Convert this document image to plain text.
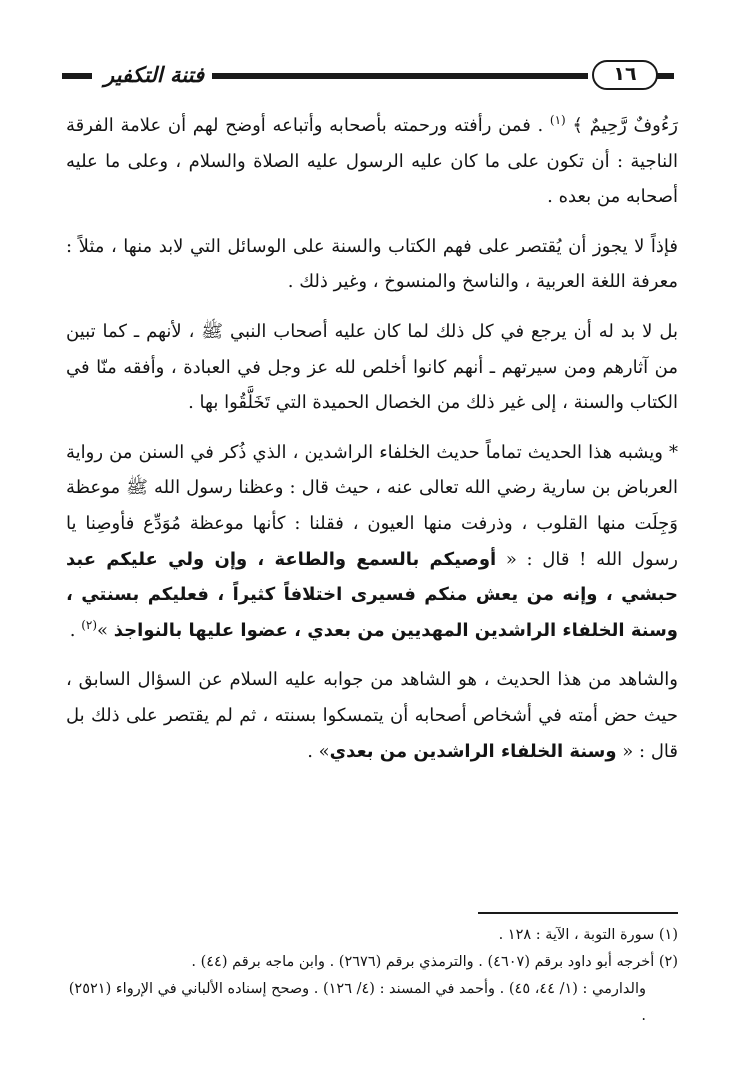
فتنة التكفير	١٦

رَءُوفٌ رَّحِيمٌ ﴾ $^{(١)}$ . فمن رأفته ورحمته بأصحابه وأتباعه أوضح لهم أن علامة الفرقة الناجية : أن تكون على ما كان عليه الرسول عليه الصلاة والسلام ، وعلى ما عليه أصحابه من بعده .

فإذاً لا يجوز أن يُقتصر على فهم الكتاب والسنة على الوسائل التي لابد منها ، مثلاً : معرفة اللغة العربية ، والناسخ والمنسوخ ، وغير ذلك .

بل لا بد له أن يرجع في كل ذلك لما كان عليه أصحاب النبي ﷺ ، لأنهم ـ كما تبين من آثارهم ومن سيرتهم ـ أنهم كانوا أخلص لله عز وجل في العبادة ، وأفقه منّا في الكتاب والسنة ، إلى غير ذلك من الخصال الحميدة التي تَخَلَّقُوا بها .

* ويشبه هذا الحديث تماماً حديث الخلفاء الراشدين ، الذي ذُكر في السنن من رواية العرباض بن سارية رضي الله تعالى عنه ، حيث قال : وعظنا رسول الله ﷺ موعظة وَجِلَت منها القلوب ، وذرفت منها العيون ، فقلنا : كأنها موعظة مُوَدِّع فأوصِنا يا رسول الله ! قال : « أوصيكم بالسمع والطاعة ، وإن ولي عليكم عبد حبشي ، وإنه من يعش منكم فسيرى اختلافاً كثيراً ، فعليكم بسنتي ، وسنة الخلفاء الراشدين المهديين من بعدي ، عضوا عليها بالنواجذ »$^{(٢)}$ .

والشاهد من هذا الحديث ، هو الشاهد من جوابه عليه السلام عن السؤال السابق ، حيث حض أمته في أشخاص أصحابه أن يتمسكوا بسنته ، ثم لم يقتصر على ذلك بل قال : « وسنة الخلفاء الراشدين من بعدي» .

(١) سورة التوبة ، الآية : ١٢٨ .

(٢) أخرجه أبو داود برقم (٤٦٠٧) . والترمذي برقم (٢٦٧٦) . وابن ماجه برقم (٤٤) .

والدارمي : (١/ ٤٤، ٤٥) . وأحمد في المسند : (٤/ ١٢٦) . وصحح إسناده الألباني في الإرواء (٢٥٢١) .
